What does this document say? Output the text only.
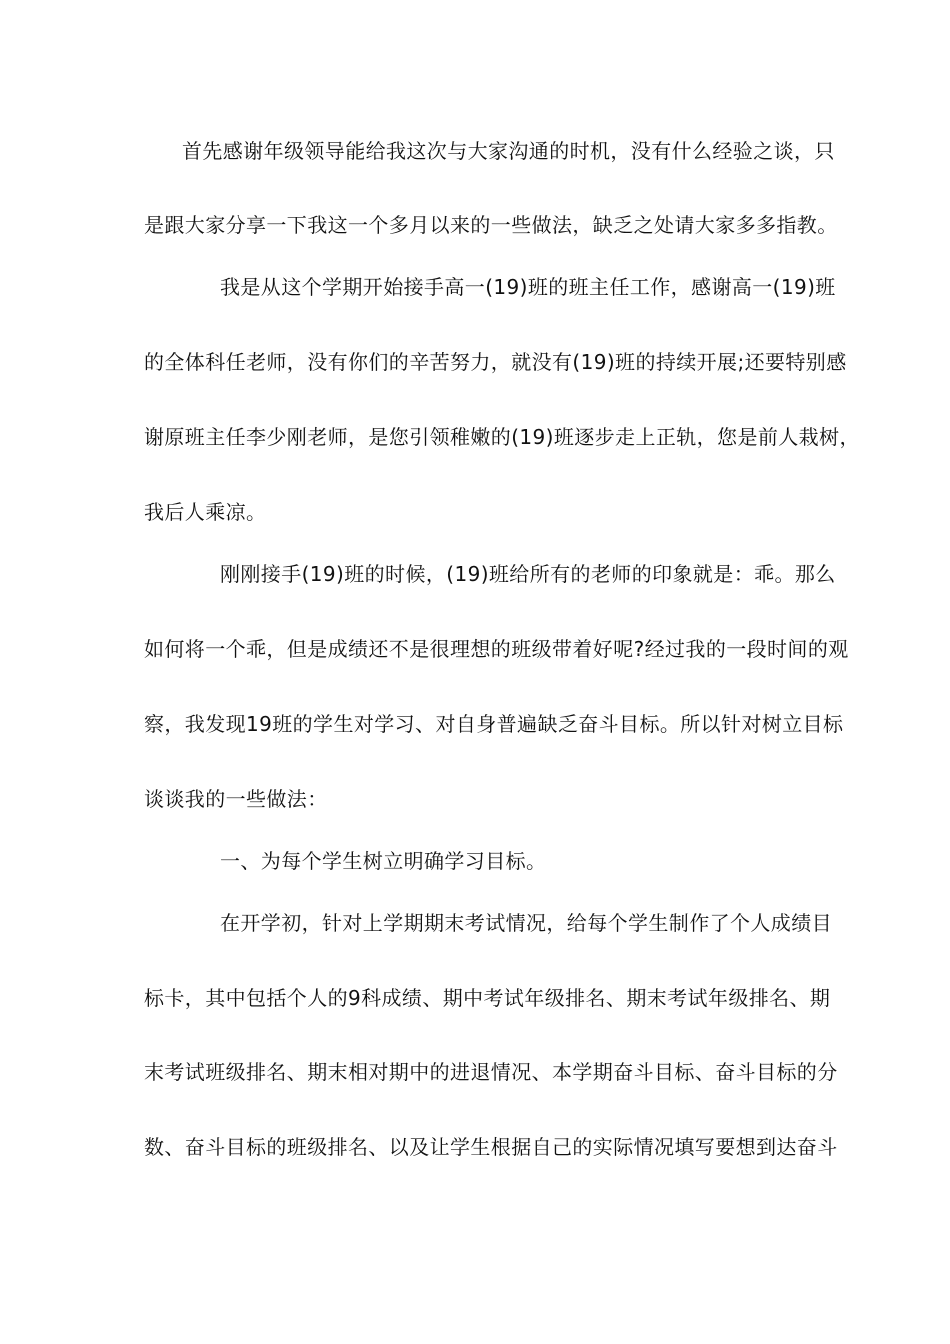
首先感谢年级领导能给我这次与大家沟通的时机，没有什么经验之谈，只
是跟大家分享一下我这一个多月以来的一些做法，缺乏之处请大家多多指教。
我是从这个学期开始接手高一(19)班的班主任工作，感谢高一(19)班
的全体科任老师，没有你们的辛苦努力，就没有(19)班的持续开展;还要特别感
谢原班主任李少刚老师，是您引领稚嫩的(19)班逐步走上正轨，您是前人栽树，
我后人乘凉。
刚刚接手(19)班的时候，(19)班给所有的老师的印象就是：乖。那么
如何将一个乖，但是成绩还不是很理想的班级带着好呢?经过我的一段时间的观
察，我发现19班的学生对学习、对自身普遍缺乏奋斗目标。所以针对树立目标
谈谈我的一些做法：
一、为每个学生树立明确学习目标。
在开学初，针对上学期期末考试情况，给每个学生制作了个人成绩目
标卡，其中包括个人的9科成绩、期中考试年级排名、期末考试年级排名、期
末考试班级排名、期末相对期中的进退情况、本学期奋斗目标、奋斗目标的分
数、奋斗目标的班级排名、以及让学生根据自己的实际情况填写要想到达奋斗
